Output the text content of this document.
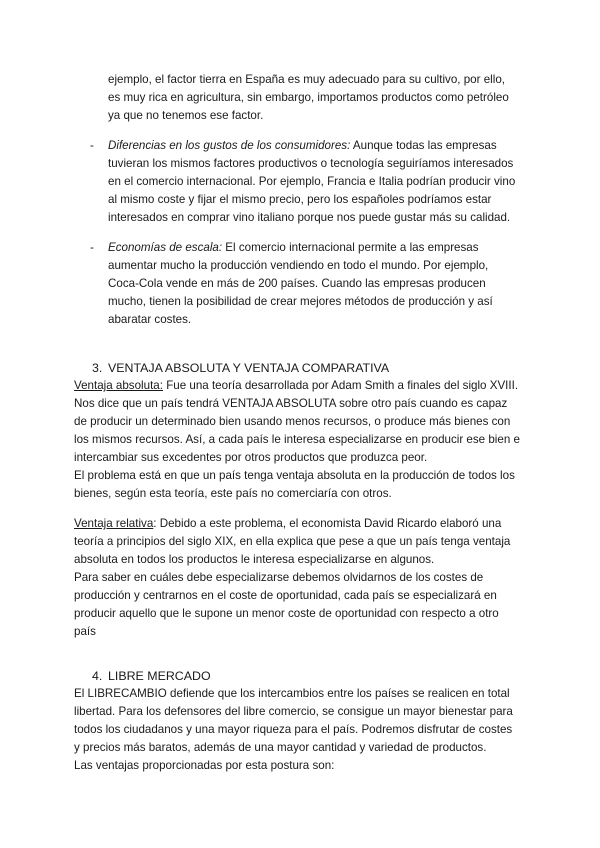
ejemplo, el factor tierra en España es muy adecuado para su cultivo, por ello,
es muy rica en agricultura, sin embargo, importamos productos como petróleo
ya que no tenemos ese factor.
- Diferencias en los gustos de los consumidores: Aunque todas las empresas
tuvieran los mismos factores productivos o tecnología seguiríamos interesados
en el comercio internacional. Por ejemplo, Francia e Italia podrían producir vino
al mismo coste y fijar el mismo precio, pero los españoles podríamos estar
interesados en comprar vino italiano porque nos puede gustar más su calidad.
- Economías de escala: El comercio internacional permite a las empresas
aumentar mucho la producción vendiendo en todo el mundo. Por ejemplo,
Coca-Cola vende en más de 200 países. Cuando las empresas producen
mucho, tienen la posibilidad de crear mejores métodos de producción y así
abaratar costes.
3. VENTAJA ABSOLUTA Y VENTAJA COMPARATIVA
Ventaja absoluta: Fue una teoría desarrollada por Adam Smith a finales del siglo XVIII.
Nos dice que un país tendrá VENTAJA ABSOLUTA sobre otro país cuando es capaz
de producir un determinado bien usando menos recursos, o produce más bienes con
los mismos recursos. Así, a cada país le interesa especializarse en producir ese bien e
intercambiar sus excedentes por otros productos que produzca peor.
El problema está en que un país tenga ventaja absoluta en la producción de todos los
bienes, según esta teoría, este país no comerciaría con otros.
Ventaja relativa: Debido a este problema, el economista David Ricardo elaboró una
teoría a principios del siglo XIX, en ella explica que pese a que un país tenga ventaja
absoluta en todos los productos le interesa especializarse en algunos.
Para saber en cuáles debe especializarse debemos olvidarnos de los costes de
producción y centrarnos en el coste de oportunidad, cada país se especializará en
producir aquello que le supone un menor coste de oportunidad con respecto a otro
país
4. LIBRE MERCADO
El LIBRECAMBIO defiende que los intercambios entre los países se realicen en total
libertad. Para los defensores del libre comercio, se consigue un mayor bienestar para
todos los ciudadanos y una mayor riqueza para el país. Podremos disfrutar de costes
y precios más baratos, además de una mayor cantidad y variedad de productos.
Las ventajas proporcionadas por esta postura son:
